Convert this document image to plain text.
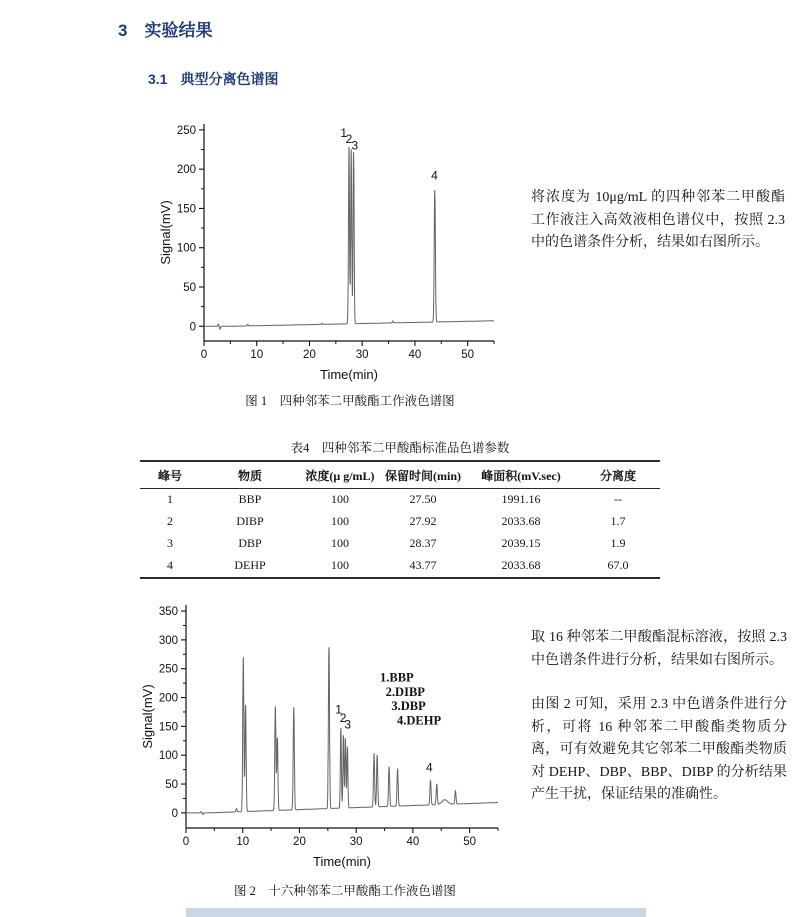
3 实验结果
3.1 典型分离色谱图
0	10	20	30	40	50
0
50
100
150
200
250
Time(min)
Signal(mV)
1
2 3
4
图 1　四种邻苯二甲酸酯工作液色谱图
将浓度为 10μg/mL 的四种邻苯二甲酸酯工作液注入高效液相色谱仪中，按照 2.3 中的色谱条件分析，结果如右图所示。
表4　四种邻苯二甲酸酯标准品色谱参数
峰号	物质	浓度(μ g/mL)	保留时间(min)	峰面积(mV.sec)	分离度
1	BBP	100	27.50	1991.16	--
2	DIBP	100	27.92	2033.68	1.7
3	DBP	100	28.37	2039.15	1.9
4	DEHP	100	43.77	2033.68	67.0
0	10	20	30	40	50
0
50
100
150
200
250
300
350
Time(min)
Signal(mV)	1
2
3
4
1.BBP
2.DIBP
3.DBP
4.DEHP
图 2　十六种邻苯二甲酸酯工作液色谱图

取 16 种邻苯二甲酸酯混标溶液，按照 2.3 中色谱条件进行分析，结果如右图所示。

由图 2 可知，采用 2.3 中色谱条件进行分析，可将 16 种邻苯二甲酸酯类物质分离，可有效避免其它邻苯二甲酸酯类物质对 DEHP、DBP、BBP、DIBP 的分析结果产生干扰，保证结果的准确性。
